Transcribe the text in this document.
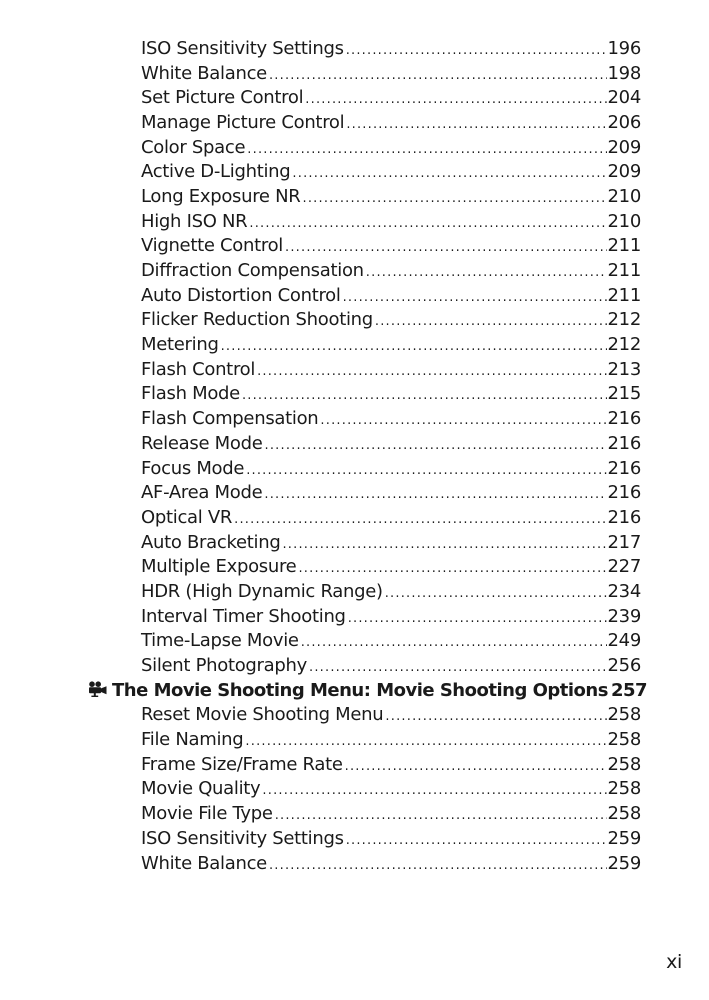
ISO Sensitivity Settings .....	196
White Balance .....	198
Set Picture Control .....	204
Manage Picture Control .....	206
Color Space .....	209
Active D-Lighting .....	209
Long Exposure NR .....	210
High ISO NR .....	210
Vignette Control .....	211
Diffraction Compensation .....	211
Auto Distortion Control .....	211
Flicker Reduction Shooting .....	212
Metering .....	212
Flash Control .....	213
Flash Mode .....	215
Flash Compensation .....	216
Release Mode .....	216
Focus Mode .....	216
AF-Area Mode .....	216
Optical VR .....	216
Auto Bracketing .....	217
Multiple Exposure .....	227
HDR (High Dynamic Range) .....	234
Interval Timer Shooting .....	239
Time-Lapse Movie .....	249
Silent Photography .....	256
The Movie Shooting Menu: Movie Shooting Options 257
Reset Movie Shooting Menu .....	258
File Naming .....	258
Frame Size/Frame Rate .....	258
Movie Quality .....	258
Movie File Type .....	258
ISO Sensitivity Settings .....	259
White Balance .....	259
xi
